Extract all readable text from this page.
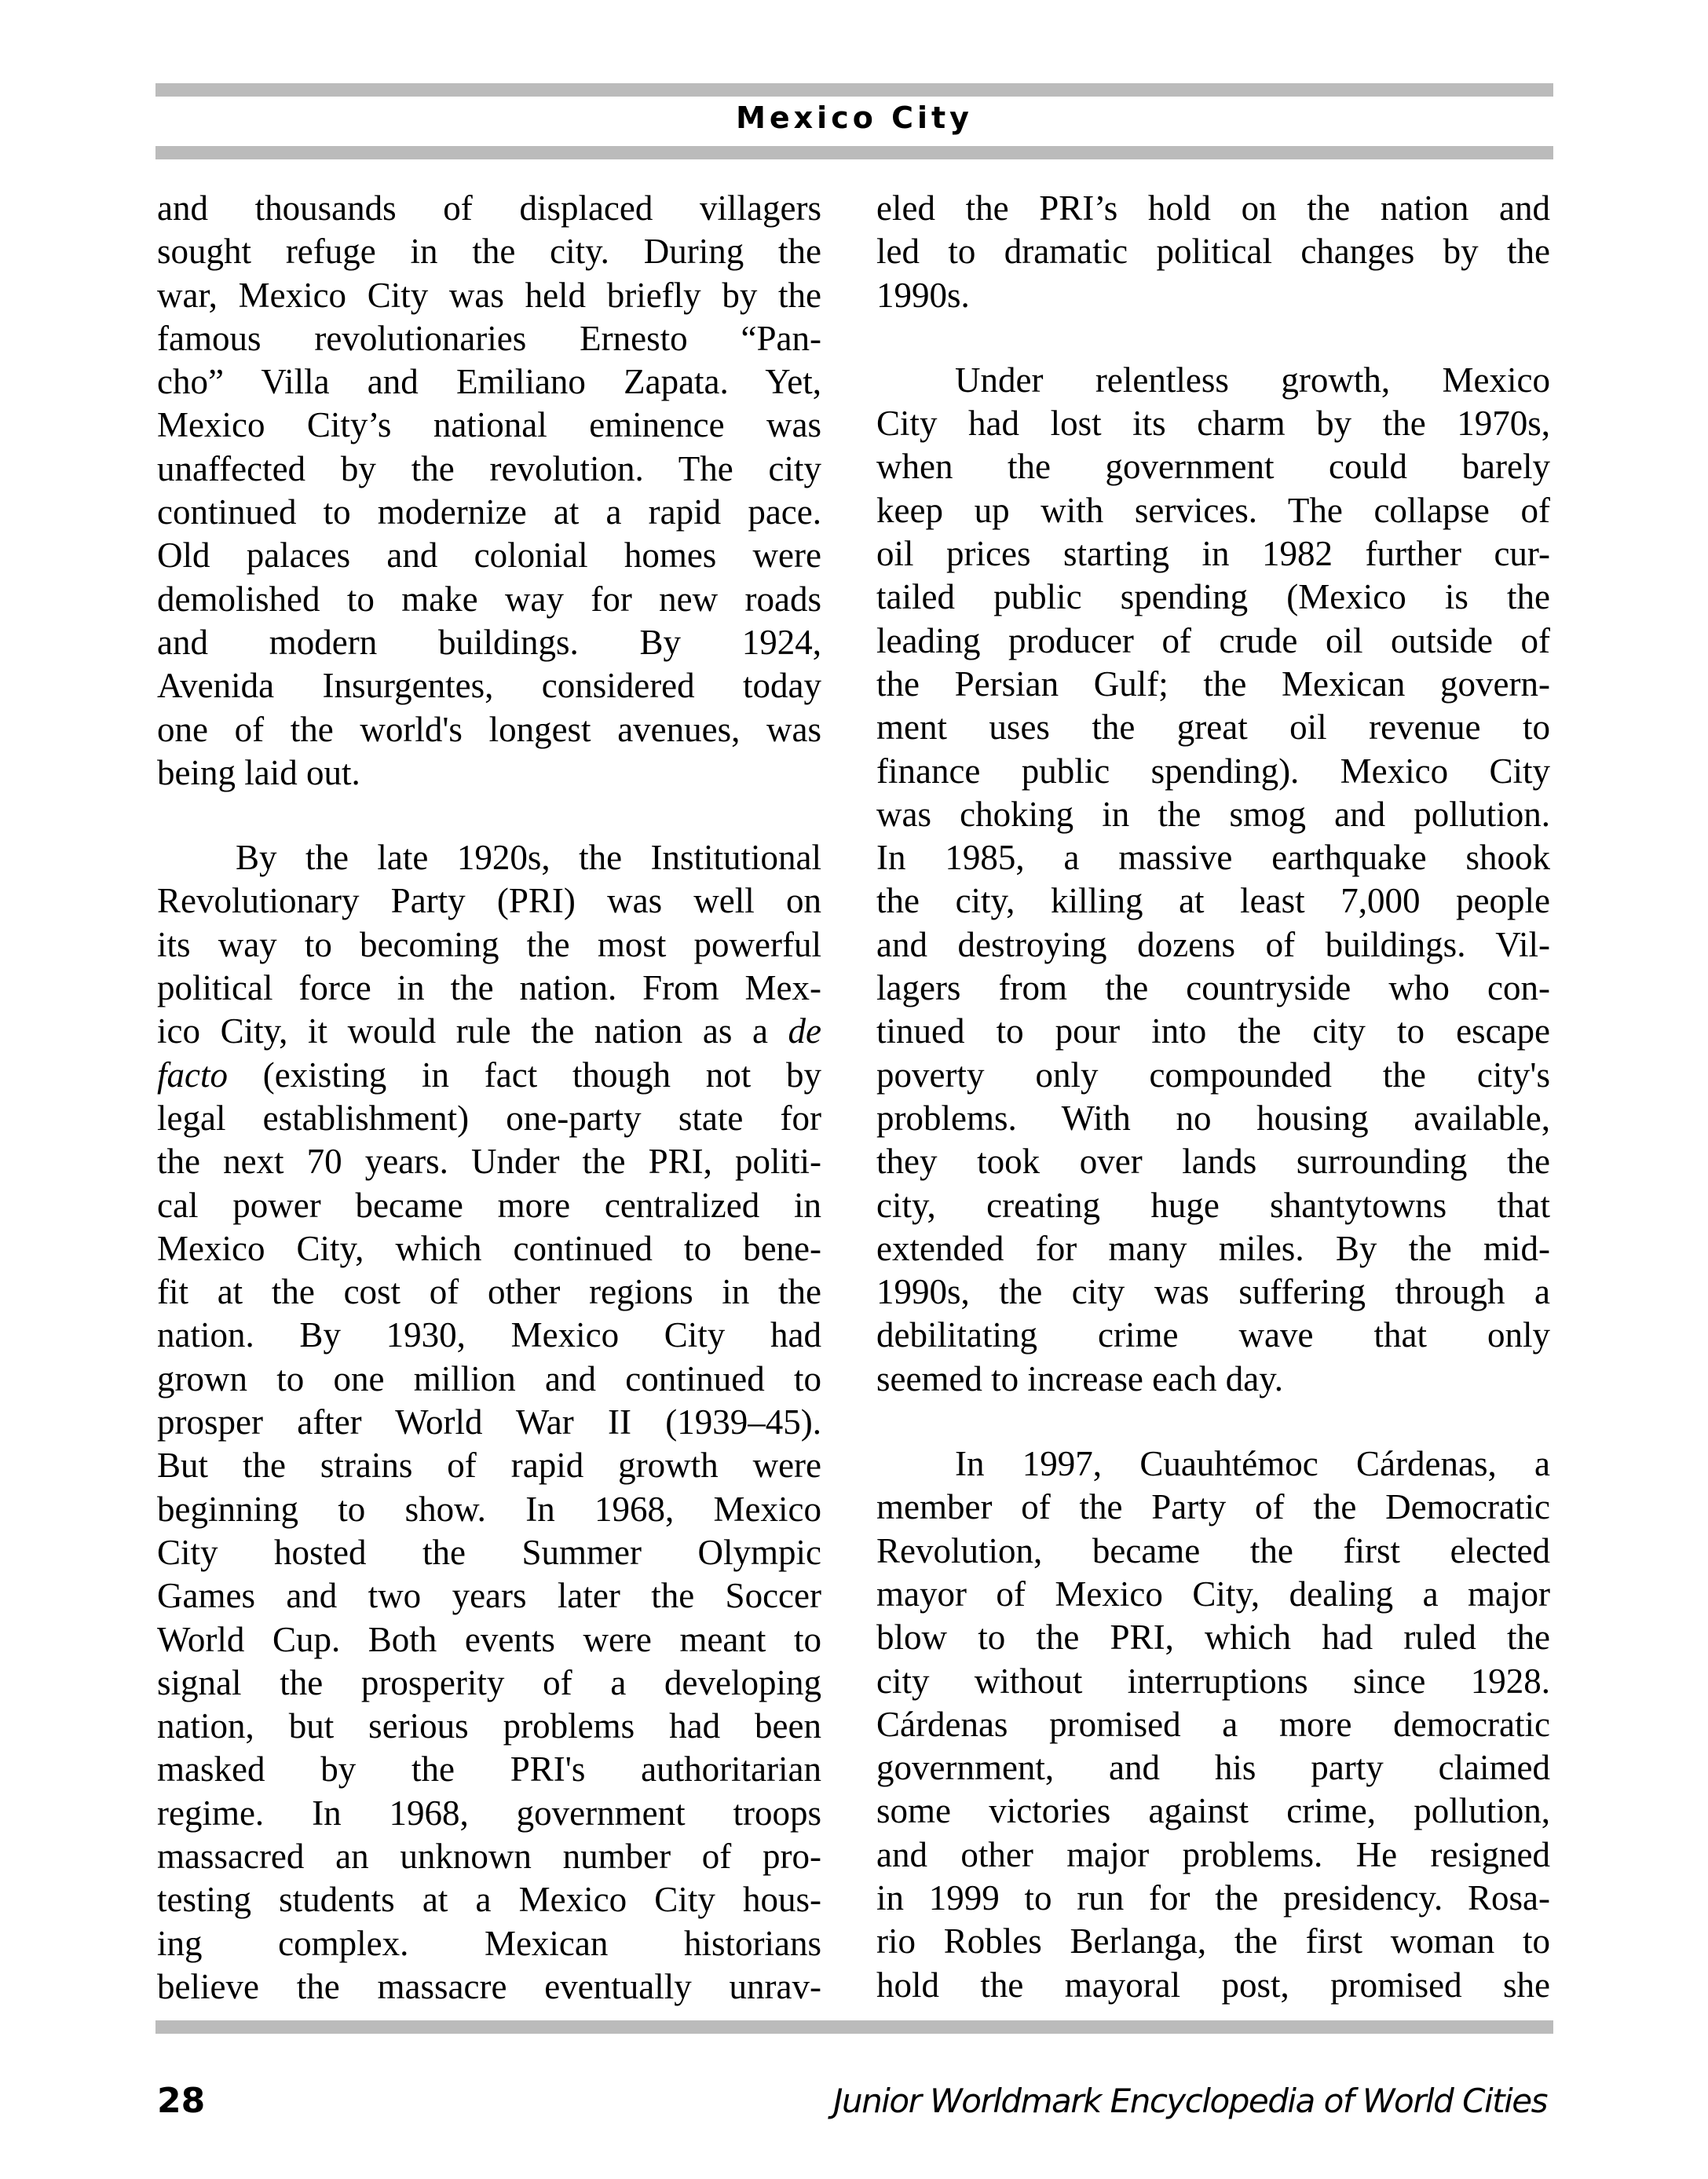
Mexico City
and thousands of displaced villagers
sought refuge in the city. During the
war, Mexico City was held briefly by the
famous revolutionaries Ernesto “Pan-
cho” Villa and Emiliano Zapata. Yet,
Mexico City’s national eminence was
unaffected by the revolution. The city
continued to modernize at a rapid pace.
Old palaces and colonial homes were
demolished to make way for new roads
and modern buildings. By 1924,
Avenida Insurgentes, considered today
one of the world's longest avenues, was
being laid out.
By the late 1920s, the Institutional
Revolutionary Party (PRI) was well on
its way to becoming the most powerful
political force in the nation. From Mex-
ico City, it would rule the nation as a de
facto (existing in fact though not by
legal establishment) one-party state for
the next 70 years. Under the PRI, politi-
cal power became more centralized in
Mexico City, which continued to bene-
fit at the cost of other regions in the
nation. By 1930, Mexico City had
grown to one million and continued to
prosper after World War II (1939–45).
But the strains of rapid growth were
beginning to show. In 1968, Mexico
City hosted the Summer Olympic
Games and two years later the Soccer
World Cup. Both events were meant to
signal the prosperity of a developing
nation, but serious problems had been
masked by the PRI's authoritarian
regime. In 1968, government troops
massacred an unknown number of pro-
testing students at a Mexico City hous-
ing complex. Mexican historians
believe the massacre eventually unrav-
eled the PRI’s hold on the nation and
led to dramatic political changes by the
1990s.
Under relentless growth, Mexico
City had lost its charm by the 1970s,
when the government could barely
keep up with services. The collapse of
oil prices starting in 1982 further cur-
tailed public spending (Mexico is the
leading producer of crude oil outside of
the Persian Gulf; the Mexican govern-
ment uses the great oil revenue to
finance public spending). Mexico City
was choking in the smog and pollution.
In 1985, a massive earthquake shook
the city, killing at least 7,000 people
and destroying dozens of buildings. Vil-
lagers from the countryside who con-
tinued to pour into the city to escape
poverty only compounded the city's
problems. With no housing available,
they took over lands surrounding the
city, creating huge shantytowns that
extended for many miles. By the mid-
1990s, the city was suffering through a
debilitating crime wave that only
seemed to increase each day.
In 1997, Cuauhtémoc Cárdenas, a
member of the Party of the Democratic
Revolution, became the first elected
mayor of Mexico City, dealing a major
blow to the PRI, which had ruled the
city without interruptions since 1928.
Cárdenas promised a more democratic
government, and his party claimed
some victories against crime, pollution,
and other major problems. He resigned
in 1999 to run for the presidency. Rosa-
rio Robles Berlanga, the first woman to
hold the mayoral post, promised she
28	Junior Worldmark Encyclopedia of World Cities
